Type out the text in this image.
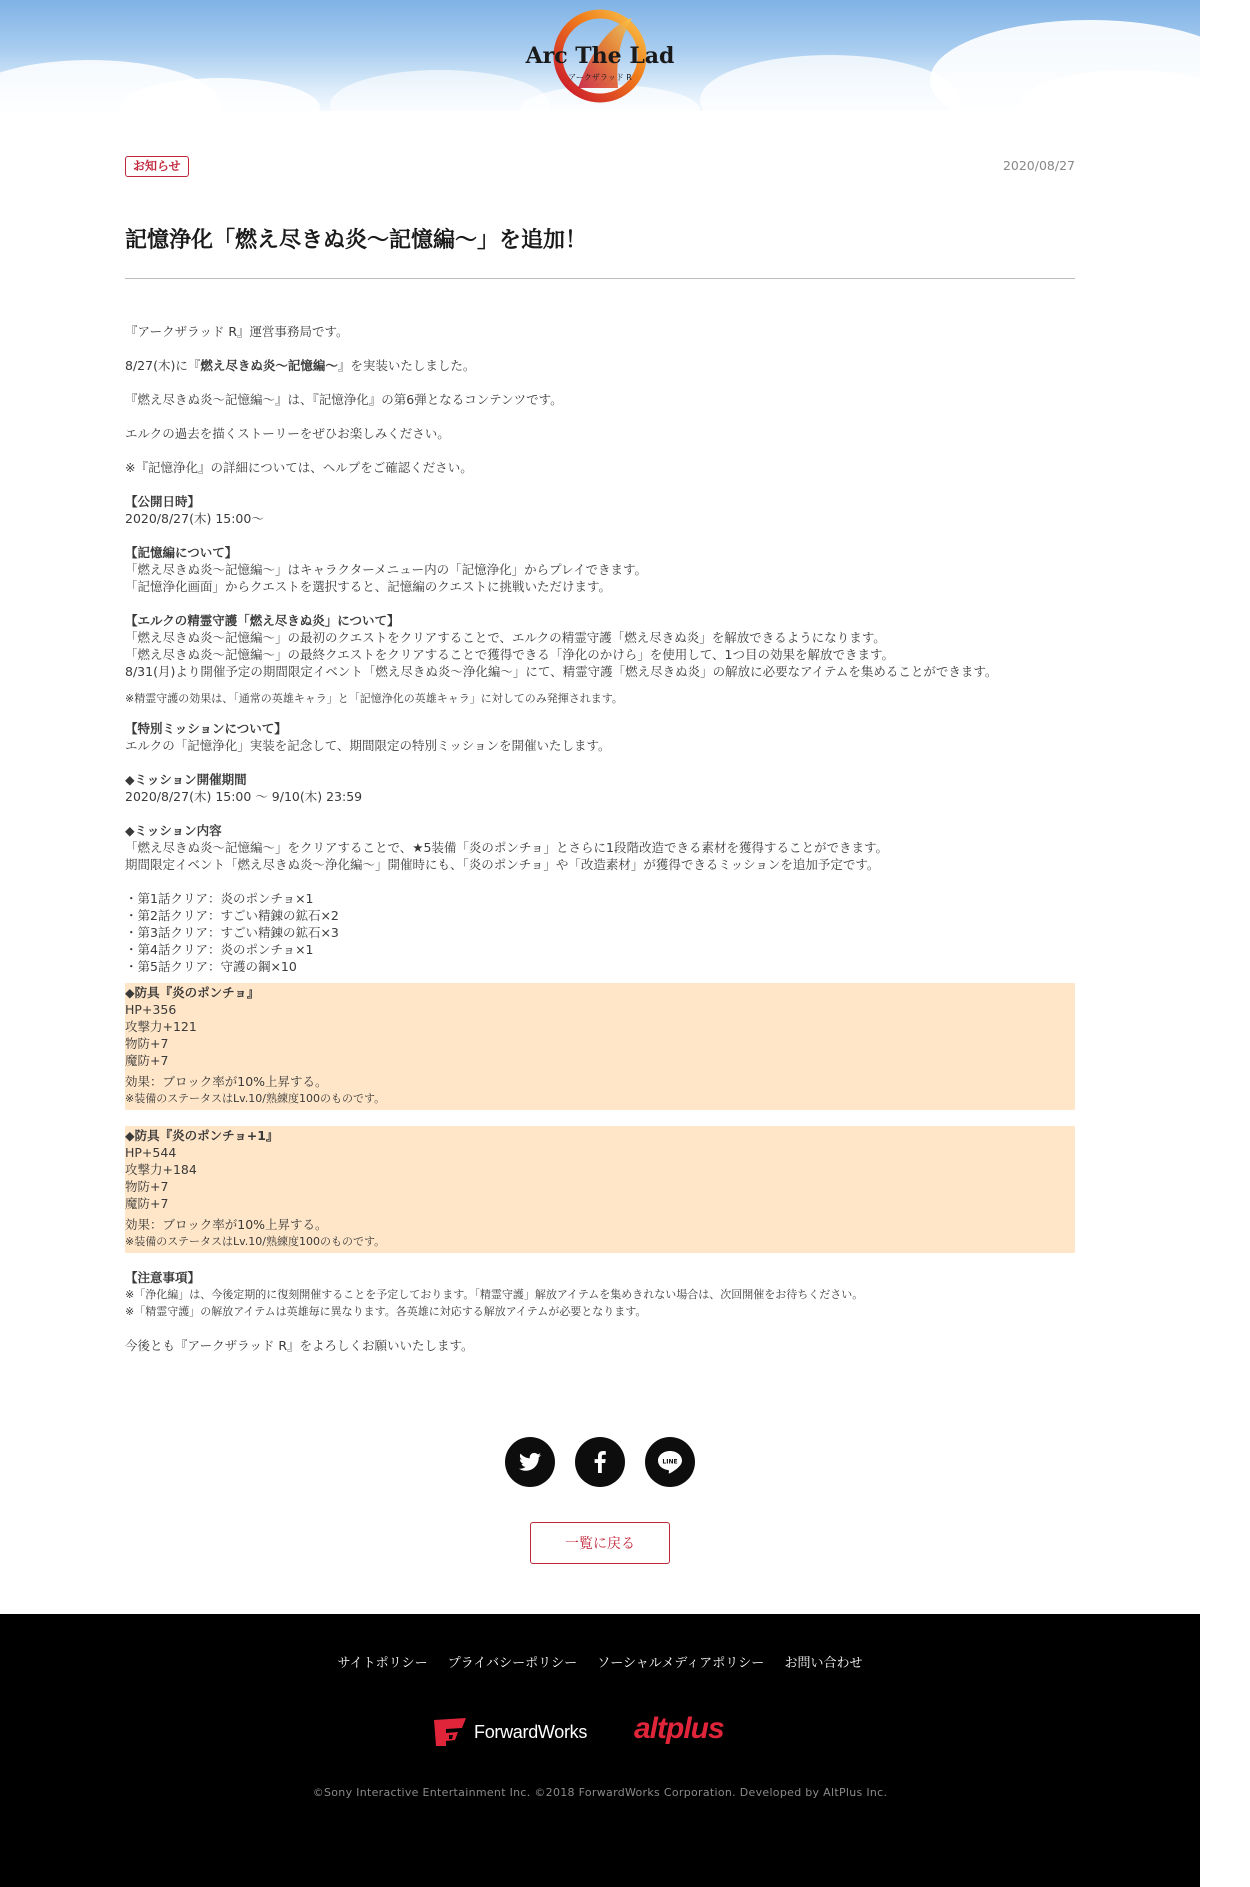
Arc The Lad
アークザラッド R
お知らせ	2020/08/27
記憶浄化「燃え尽きぬ炎〜記憶編〜」を追加！
『アークザラッド R』運営事務局です。
8/27(木)に『燃え尽きぬ炎〜記憶編〜』を実装いたしました。
『燃え尽きぬ炎〜記憶編〜』は、『記憶浄化』の第6弾となるコンテンツです。
エルクの過去を描くストーリーをぜひお楽しみください。
※『記憶浄化』の詳細については、ヘルプをご確認ください。
【公開日時】
2020/8/27(木) 15:00〜
【記憶編について】
「燃え尽きぬ炎〜記憶編〜」はキャラクターメニュー内の「記憶浄化」からプレイできます。
「記憶浄化画面」からクエストを選択すると、記憶編のクエストに挑戦いただけます。
【エルクの精霊守護「燃え尽きぬ炎」について】
「燃え尽きぬ炎〜記憶編〜」の最初のクエストをクリアすることで、エルクの精霊守護「燃え尽きぬ炎」を解放できるようになります。
「燃え尽きぬ炎〜記憶編〜」の最終クエストをクリアすることで獲得できる「浄化のかけら」を使用して、1つ目の効果を解放できます。
8/31(月)より開催予定の期間限定イベント「燃え尽きぬ炎〜浄化編〜」にて、精霊守護「燃え尽きぬ炎」の解放に必要なアイテムを集めることができます。
※精霊守護の効果は、「通常の英雄キャラ」と「記憶浄化の英雄キャラ」に対してのみ発揮されます。
【特別ミッションについて】
エルクの「記憶浄化」実装を記念して、期間限定の特別ミッションを開催いたします。
◆ミッション開催期間
2020/8/27(木) 15:00 〜 9/10(木) 23:59
◆ミッション内容
「燃え尽きぬ炎〜記憶編〜」をクリアすることで、★5装備「炎のポンチョ」とさらに1段階改造できる素材を獲得することができます。
期間限定イベント「燃え尽きぬ炎〜浄化編〜」開催時にも、「炎のポンチョ」や「改造素材」が獲得できるミッションを追加予定です。
・第1話クリア：炎のポンチョ×1
・第2話クリア：すごい精錬の鉱石×2
・第3話クリア：すごい精錬の鉱石×3
・第4話クリア：炎のポンチョ×1
・第5話クリア：守護の鋼×10
◆防具『炎のポンチョ』
HP+356
攻撃力+121
物防+7
魔防+7
効果：ブロック率が10%上昇する。
※装備のステータスはLv.10/熟練度100のものです。
◆防具『炎のポンチョ+1』
HP+544
攻撃力+184
物防+7
魔防+7
効果：ブロック率が10%上昇する。
※装備のステータスはLv.10/熟練度100のものです。
【注意事項】
※「浄化編」は、今後定期的に復刻開催することを予定しております。「精霊守護」解放アイテムを集めきれない場合は、次回開催をお待ちください。
※「精霊守護」の解放アイテムは英雄毎に異なります。各英雄に対応する解放アイテムが必要となります。
今後とも『アークザラッド R』をよろしくお願いいたします。
LINE
一覧に戻る
サイトポリシー プライバシーポリシー ソーシャルメディアポリシー お問い合わせ
ForwardWorks altplus
©Sony Interactive Entertainment Inc. ©2018 ForwardWorks Corporation. Developed by AltPlus Inc.
